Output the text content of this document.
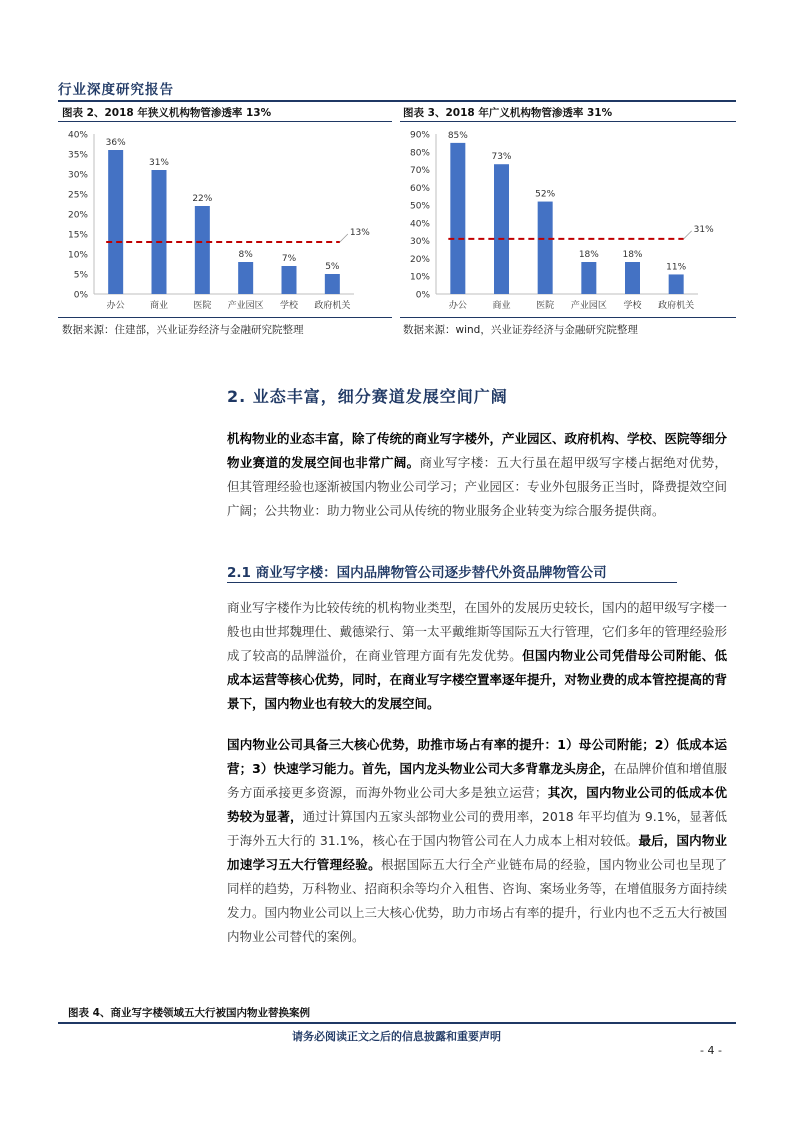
行业深度研究报告
图表 2、2018 年狭义机构物管渗透率 13%
0%
5%
10%
15%
20%
25%
30%
35%
40%
36%
办公
31%
商业
22%
医院
8%
产业园区
7%
学校
5%
政府机关
13%
数据来源：住建部，兴业证券经济与金融研究院整理
图表 3、2018 年广义机构物管渗透率 31%
0%
10%
20%
30%
40%
50%
60%
70%
80%
90% 85%
办公
73%
商业
52%
医院
18%
产业园区
18%
学校
11%
政府机关
31%
数据来源：wind，兴业证券经济与金融研究院整理
2. 业态丰富，细分赛道发展空间广阔
机构物业的业态丰富，除了传统的商业写字楼外，产业园区、政府机构、学校、医院等细分物业赛道的发展空间也非常广阔。商业写字楼：五大行虽在超甲级写字楼占据绝对优势，但其管理经验也逐渐被国内物业公司学习；产业园区：专业外包服务正当时，降费提效空间广阔；公共物业：助力物业公司从传统的物业服务企业转变为综合服务提供商。
2.1 商业写字楼：国内品牌物管公司逐步替代外资品牌物管公司
商业写字楼作为比较传统的机构物业类型，在国外的发展历史较长，国内的超甲级写字楼一般也由世邦魏理仕、戴德梁行、第一太平戴维斯等国际五大行管理，它们多年的管理经验形成了较高的品牌溢价，在商业管理方面有先发优势。但国内物业公司凭借母公司附能、低成本运营等核心优势，同时，在商业写字楼空置率逐年提升，对物业费的成本管控提高的背景下，国内物业也有较大的发展空间。
国内物业公司具备三大核心优势，助推市场占有率的提升：1）母公司附能；2）低成本运营；3）快速学习能力。首先，国内龙头物业公司大多背靠龙头房企，在品牌价值和增值服务方面承接更多资源，而海外物业公司大多是独立运营；其次，国内物业公司的低成本优势较为显著，通过计算国内五家头部物业公司的费用率，2018 年平均值为 9.1%，显著低于海外五大行的 31.1%，核心在于国内物管公司在人力成本上相对较低。最后，国内物业加速学习五大行管理经验。根据国际五大行全产业链布局的经验，国内物业公司也呈现了同样的趋势，万科物业、招商积余等均介入租售、咨询、案场业务等，在增值服务方面持续发力。国内物业公司以上三大核心优势，助力市场占有率的提升，行业内也不乏五大行被国内物业公司替代的案例。
图表 4、商业写字楼领域五大行被国内物业替换案例
请务必阅读正文之后的信息披露和重要声明
- 4 -
